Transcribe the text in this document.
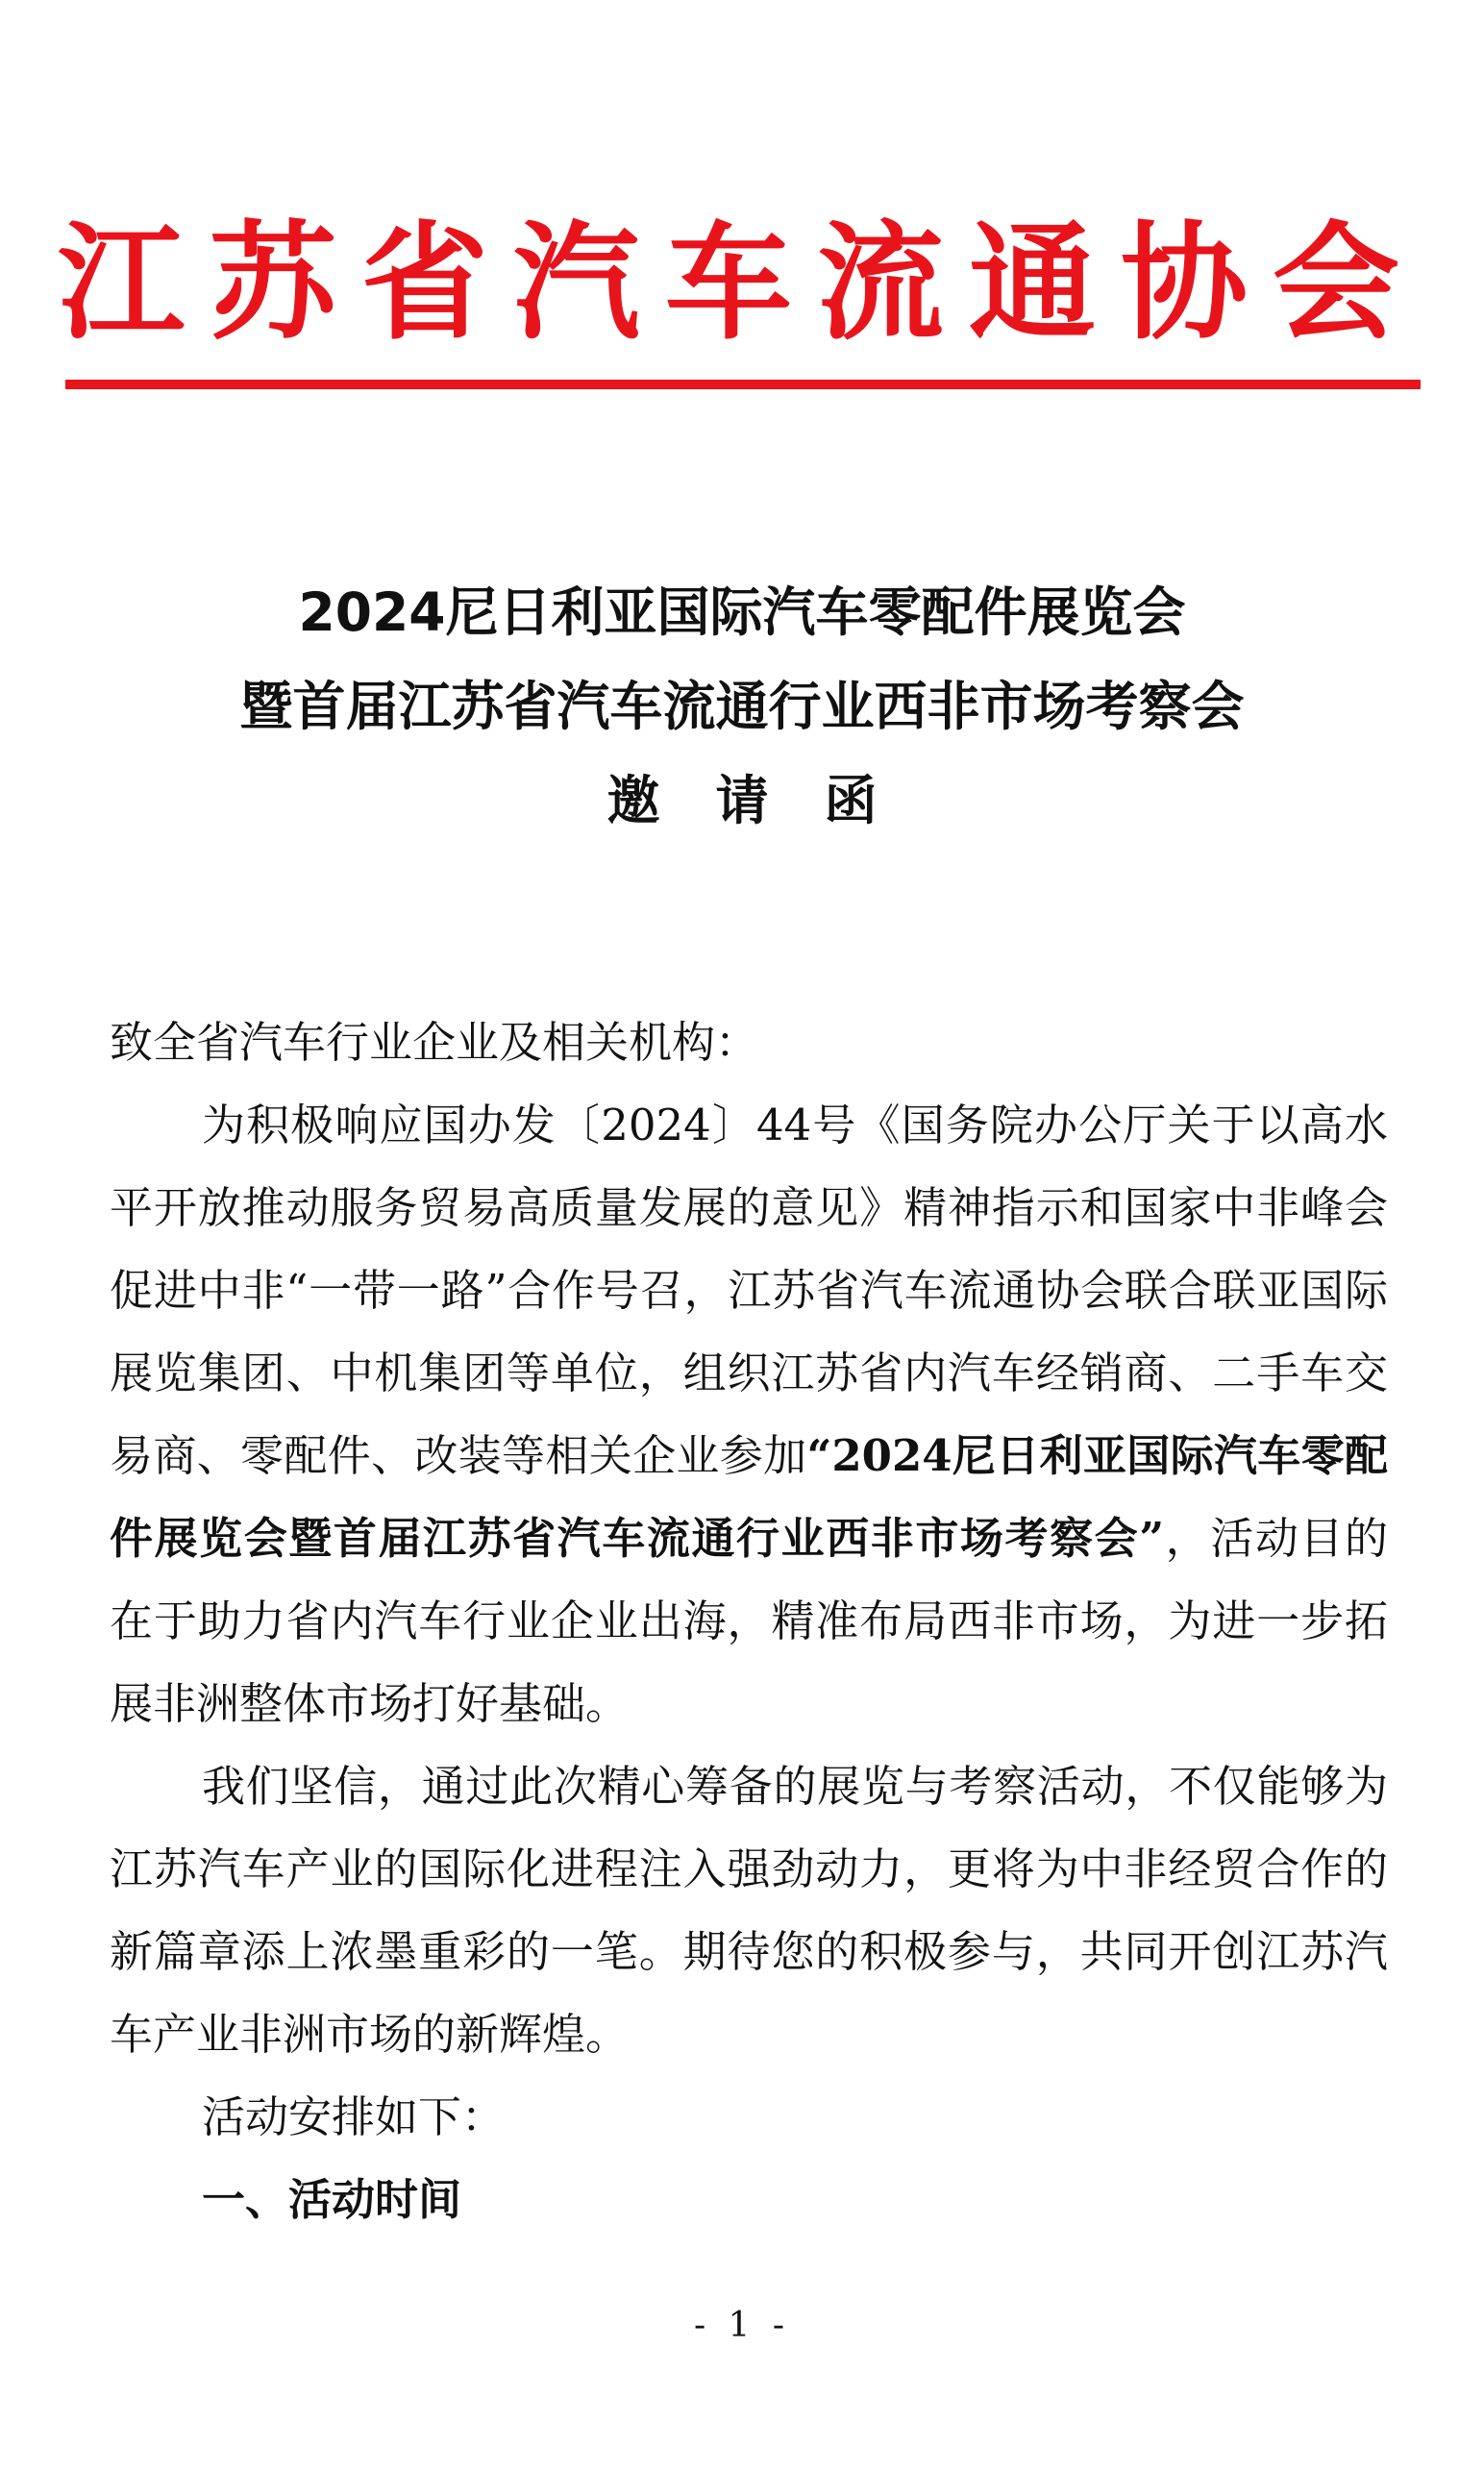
江苏省汽车流通协会
2024尼日利亚国际汽车零配件展览会
暨首届江苏省汽车流通行业西非市场考察会
邀请函

致全省汽车行业企业及相关机构：

为积极响应国办发〔2024〕44号《国务院办公厅关于以高水平开放推动服务贸易高质量发展的意见》精神指示和国家中非峰会促进中非“一带一路”合作号召，江苏省汽车流通协会联合联亚国际展览集团、中机集团等单位，组织江苏省内汽车经销商、二手车交易商、零配件、改装等相关企业参加“2024尼日利亚国际汽车零配件展览会暨首届江苏省汽车流通行业西非市场考察会”，活动目的在于助力省内汽车行业企业出海，精准布局西非市场，为进一步拓展非洲整体市场打好基础。

我们坚信，通过此次精心筹备的展览与考察活动，不仅能够为江苏汽车产业的国际化进程注入强劲动力，更将为中非经贸合作的新篇章添上浓墨重彩的一笔。期待您的积极参与，共同开创江苏汽车产业非洲市场的新辉煌。

活动安排如下：

一、活动时间

- 1 -
